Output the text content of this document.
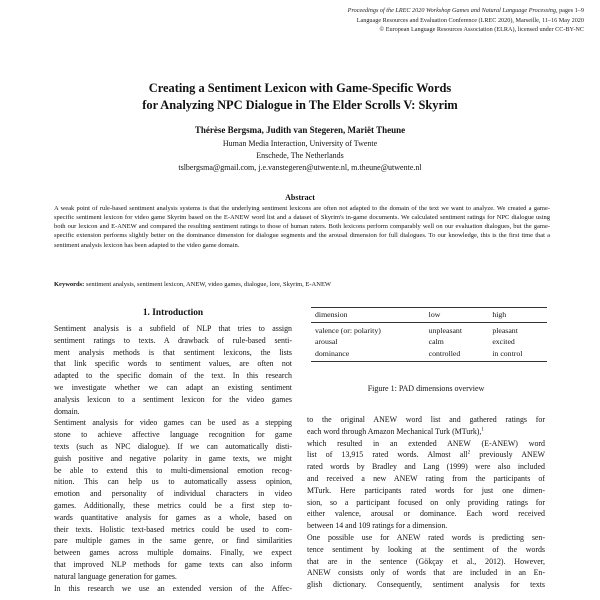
Proceedings of the LREC 2020 Workshop Games and Natural Language Processing, pages 1–9
Language Resources and Evaluation Conference (LREC 2020), Marseille, 11–16 May 2020
© European Language Resources Association (ELRA), licensed under CC-BY-NC
Creating a Sentiment Lexicon with Game-Specific Words
for Analyzing NPC Dialogue in The Elder Scrolls V: Skyrim
Thérèse Bergsma, Judith van Stegeren, Mariët Theune
Human Media Interaction, University of Twente
Enschede, The Netherlands
tslbergsma@gmail.com, j.e.vanstegeren@utwente.nl, m.theune@utwente.nl
Abstract
A weak point of rule-based sentiment analysis systems is that the underlying sentiment lexicons are often not adapted to the domain of the text we want to analyze. We created a game-specific sentiment lexicon for video game Skyrim based on the E-ANEW word list and a dataset of Skyrim's in-game documents. We calculated sentiment ratings for NPC dialogue using both our lexicon and E-ANEW and compared the resulting sentiment ratings to those of human raters. Both lexicons perform comparably well on our evaluation dialogues, but the game-specific extension performs slightly better on the dominance dimension for dialogue segments and the arousal dimension for full dialogues. To our knowledge, this is the first time that a sentiment analysis lexicon has been adapted to the video game domain.
Keywords: sentiment analysis, sentiment lexicon, ANEW, video games, dialogue, lore, Skyrim, E-ANEW
1. Introduction

Sentiment analysis is a subfield of NLP that tries to assign
sentiment ratings to texts. A drawback of rule-based senti-
ment analysis methods is that sentiment lexicons, the lists
that link specific words to sentiment values, are often not
adapted to the specific domain of the text. In this research
we investigate whether we can adapt an existing sentiment
analysis lexicon to a sentiment lexicon for the video games
domain.

Sentiment analysis for video games can be used as a stepping
stone to achieve affective language recognition for game
texts (such as NPC dialogue). If we can automatically disti-
guish positive and negative polarity in game texts, we might
be able to extend this to multi-dimensional emotion recog-
nition. This can help us to automatically assess opinion,
emotion and personality of individual characters in video
games. Additionally, these metrics could be a first step to-
wards quantitative analysis for games as a whole, based on
their texts. Holistic text-based metrics could be used to com-
pare multiple games in the same genre, or find similarities
between games across multiple domains. Finally, we expect
that improved NLP methods for game texts can also inform
natural language generation for games.

In this research we use an extended version of the Affec-

dimension	low	high
valence (or: polarity)	unpleasant	pleasant
arousal	calm	excited
dominance	controlled	in control
Figure 1: PAD dimensions overview

to the original ANEW word list and gathered ratings for
each word through Amazon Mechanical Turk (MTurk),$^1$
which resulted in an extended ANEW (E-ANEW) word
list of 13,915 rated words. Almost all$^2$ previously ANEW
rated words by Bradley and Lang (1999) were also included
and received a new ANEW rating from the participants of
MTurk. Here participants rated words for just one dimen-
sion, so a participant focused on only providing ratings for
either valence, arousal or dominance. Each word received
between 14 and 109 ratings for a dimension.

One possible use for ANEW rated words is predicting sen-
tence sentiment by looking at the sentiment of the words
that are in the sentence (Gökçay et al., 2012). However,
ANEW consists only of words that are included in an En-
glish dictionary. Consequently, sentiment analysis for texts
